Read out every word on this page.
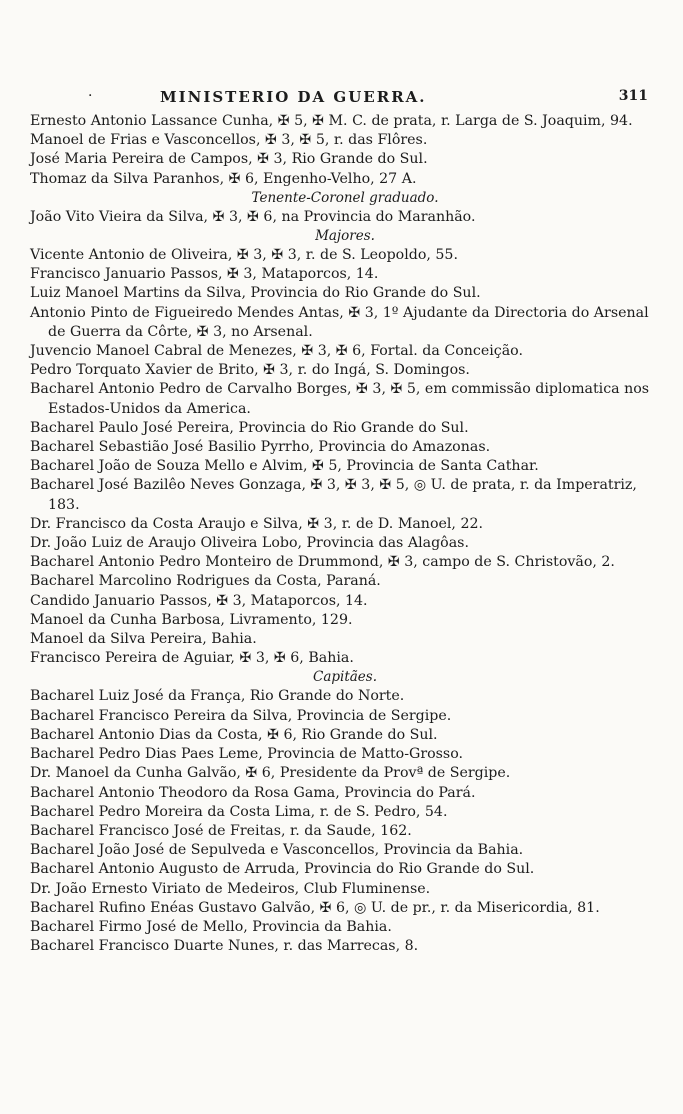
·	MINISTERIO DA GUERRA.	311
Ernesto Antonio Lassance Cunha, ✠ 5, ✠ M. C. de prata, r. Larga de S. Joaquim, 94.
Manoel de Frias e Vasconcellos, ✠ 3, ✠ 5, r. das Flôres.
José Maria Pereira de Campos, ✠ 3, Rio Grande do Sul.
Thomaz da Silva Paranhos, ✠ 6, Engenho-Velho, 27 A.
Tenente-Coronel graduado.
João Vito Vieira da Silva, ✠ 3, ✠ 6, na Provincia do Maranhão.
Majores.
Vicente Antonio de Oliveira, ✠ 3, ✠ 3, r. de S. Leopoldo, 55.
Francisco Januario Passos, ✠ 3, Mataporcos, 14.
Luiz Manoel Martins da Silva, Provincia do Rio Grande do Sul.
Antonio Pinto de Figueiredo Mendes Antas, ✠ 3, 1º Ajudante da Directoria do Arsenal de Guerra da Côrte, ✠ 3, no Arsenal.
Juvencio Manoel Cabral de Menezes, ✠ 3, ✠ 6, Fortal. da Conceição.
Pedro Torquato Xavier de Brito, ✠ 3, r. do Ingá, S. Domingos.
Bacharel Antonio Pedro de Carvalho Borges, ✠ 3, ✠ 5, em commissão diplomatica nos Estados-Unidos da America.
Bacharel Paulo José Pereira, Provincia do Rio Grande do Sul.
Bacharel Sebastião José Basilio Pyrrho, Provincia do Amazonas.
Bacharel João de Souza Mello e Alvim, ✠ 5, Provincia de Santa Cathar.
Bacharel José Bazilêo Neves Gonzaga, ✠ 3, ✠ 3, ✠ 5, ◎ U. de prata, r. da Imperatriz, 183.
Dr. Francisco da Costa Araujo e Silva, ✠ 3, r. de D. Manoel, 22.
Dr. João Luiz de Araujo Oliveira Lobo, Provincia das Alagôas.
Bacharel Antonio Pedro Monteiro de Drummond, ✠ 3, campo de S. Christovão, 2.
Bacharel Marcolino Rodrigues da Costa, Paraná.
Candido Januario Passos, ✠ 3, Mataporcos, 14.
Manoel da Cunha Barbosa, Livramento, 129.
Manoel da Silva Pereira, Bahia.
Francisco Pereira de Aguiar, ✠ 3, ✠ 6, Bahia.
Capitães.
Bacharel Luiz José da França, Rio Grande do Norte.
Bacharel Francisco Pereira da Silva, Provincia de Sergipe.
Bacharel Antonio Dias da Costa, ✠ 6, Rio Grande do Sul.
Bacharel Pedro Dias Paes Leme, Provincia de Matto-Grosso.
Dr. Manoel da Cunha Galvão, ✠ 6, Presidente da Provª de Sergipe.
Bacharel Antonio Theodoro da Rosa Gama, Provincia do Pará.
Bacharel Pedro Moreira da Costa Lima, r. de S. Pedro, 54.
Bacharel Francisco José de Freitas, r. da Saude, 162.
Bacharel João José de Sepulveda e Vasconcellos, Provincia da Bahia.
Bacharel Antonio Augusto de Arruda, Provincia do Rio Grande do Sul.
Dr. João Ernesto Viriato de Medeiros, Club Fluminense.
Bacharel Rufino Enéas Gustavo Galvão, ✠ 6, ◎ U. de pr., r. da Misericordia, 81.
Bacharel Firmo José de Mello, Provincia da Bahia.
Bacharel Francisco Duarte Nunes, r. das Marrecas, 8.
